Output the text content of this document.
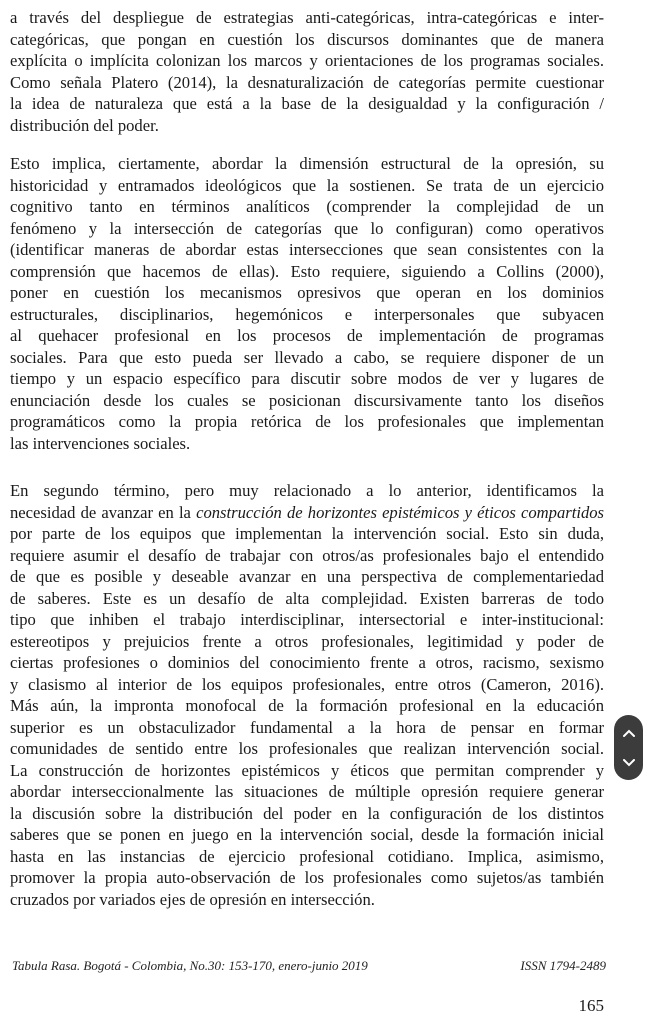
a través del despliegue de estrategias anti-categóricas, intra-categóricas e inter-
categóricas, que pongan en cuestión los discursos dominantes que de manera
explícita o implícita colonizan los marcos y orientaciones de los programas sociales.
Como señala Platero (2014), la desnaturalización de categorías permite cuestionar
la idea de naturaleza que está a la base de la desigualdad y la configuración /
distribución del poder.
Esto implica, ciertamente, abordar la dimensión estructural de la opresión, su
historicidad y entramados ideológicos que la sostienen. Se trata de un ejercicio
cognitivo tanto en términos analíticos (comprender la complejidad de un
fenómeno y la intersección de categorías que lo configuran) como operativos
(identificar maneras de abordar estas intersecciones que sean consistentes con la
comprensión que hacemos de ellas). Esto requiere, siguiendo a Collins (2000),
poner en cuestión los mecanismos opresivos que operan en los dominios
estructurales, disciplinarios, hegemónicos e interpersonales que subyacen
al quehacer profesional en los procesos de implementación de programas
sociales. Para que esto pueda ser llevado a cabo, se requiere disponer de un
tiempo y un espacio específico para discutir sobre modos de ver y lugares de
enunciación desde los cuales se posicionan discursivamente tanto los diseños
programáticos como la propia retórica de los profesionales que implementan
las intervenciones sociales.
En segundo término, pero muy relacionado a lo anterior, identificamos la
necesidad de avanzar en la construcción de horizontes epistémicos y éticos compartidos
por parte de los equipos que implementan la intervención social. Esto sin duda,
requiere asumir el desafío de trabajar con otros/as profesionales bajo el entendido
de que es posible y deseable avanzar en una perspectiva de complementariedad
de saberes. Este es un desafío de alta complejidad. Existen barreras de todo
tipo que inhiben el trabajo interdisciplinar, intersectorial e inter-institucional:
estereotipos y prejuicios frente a otros profesionales, legitimidad y poder de
ciertas profesiones o dominios del conocimiento frente a otros, racismo, sexismo
y clasismo al interior de los equipos profesionales, entre otros (Cameron, 2016).
Más aún, la impronta monofocal de la formación profesional en la educación
superior es un obstaculizador fundamental a la hora de pensar en formar
comunidades de sentido entre los profesionales que realizan intervención social.
La construcción de horizontes epistémicos y éticos que permitan comprender y
abordar interseccionalmente las situaciones de múltiple opresión requiere generar
la discusión sobre la distribución del poder en la configuración de los distintos
saberes que se ponen en juego en la intervención social, desde la formación inicial
hasta en las instancias de ejercicio profesional cotidiano. Implica, asimismo,
promover la propia auto-observación de los profesionales como sujetos/as también
cruzados por variados ejes de opresión en intersección.
Tabula Rasa. Bogotá - Colombia, No.30: 153-170, enero-junio 2019	ISSN 1794-2489
165
